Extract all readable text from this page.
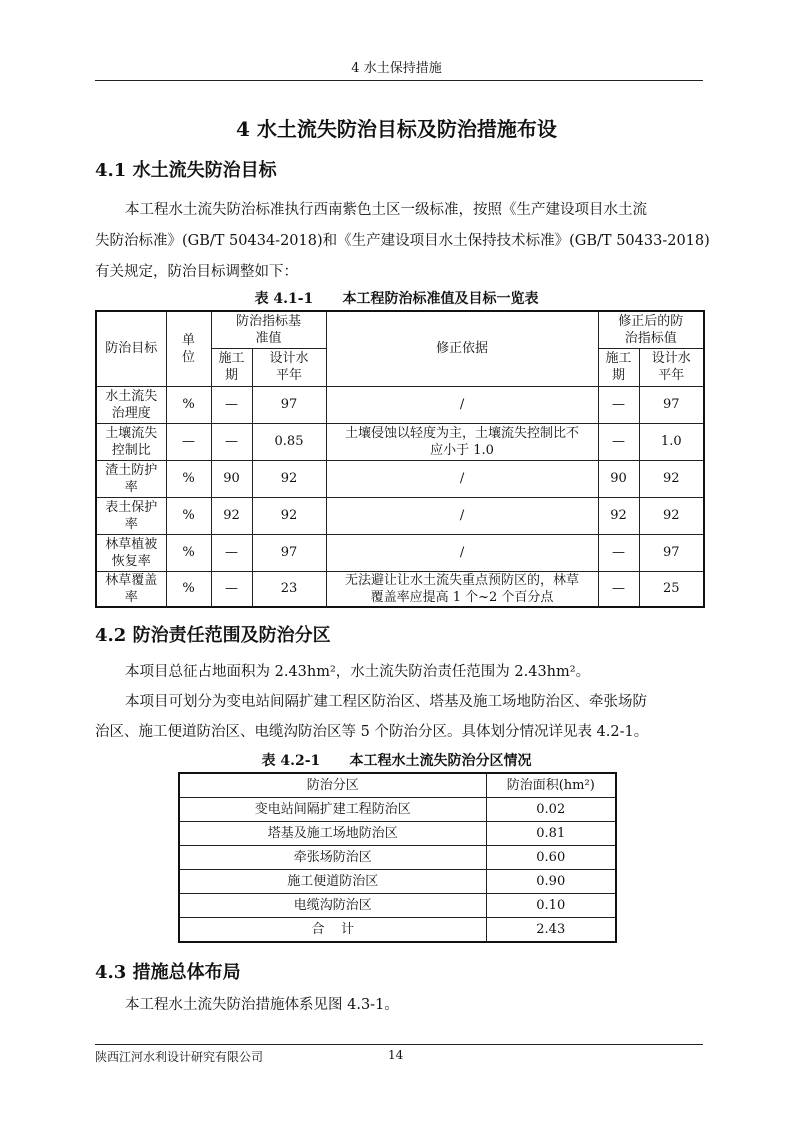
4 水土保持措施
4 水土流失防治目标及防治措施布设
4.1 水土流失防治目标
本工程水土流失防治标准执行西南紫色土区一级标准，按照《生产建设项目水土流
失防治标准》(GB/T 50434-2018)和《生产建设项目水土保持技术标准》(GB/T 50433-2018)
有关规定，防治目标调整如下：
表 4.1-1      本工程防治标准值及目标一览表
防治目标	单位	防治指标基准值		修正依据	修正后的防治指标值	
		施工期	设计水平年		施工期	设计水平年
水土流失治理度	%	—	97	/	—	97
土壤流失控制比	—	—	0.85	土壤侵蚀以轻度为主，土壤流失控制比不应小于 1.0	—	1.0
渣土防护率	%	90	92	/	90	92
表土保护率	%	92	92	/	92	92
林草植被恢复率	%	—	97	/	—	97
林草覆盖率	%	—	23	无法避让让水土流失重点预防区的，林草覆盖率应提高 1 个~2 个百分点	—	25
4.2 防治责任范围及防治分区
本项目总征占地面积为 2.43hm²，水土流失防治责任范围为 2.43hm²。
本项目可划分为变电站间隔扩建工程区防治区、塔基及施工场地防治区、牵张场防
治区、施工便道防治区、电缆沟防治区等 5 个防治分区。具体划分情况详见表 4.2-1。
表 4.2-1      本工程水土流失防治分区情况
防治分区	防治面积(hm²)
变电站间隔扩建工程防治区	0.02
塔基及施工场地防治区	0.81
牵张场防治区	0.60
施工便道防治区	0.90
电缆沟防治区	0.10
合    计	2.43
4.3 措施总体布局
本工程水土流失防治措施体系见图 4.3-1。
陕西江河水利设计研究有限公司	14
